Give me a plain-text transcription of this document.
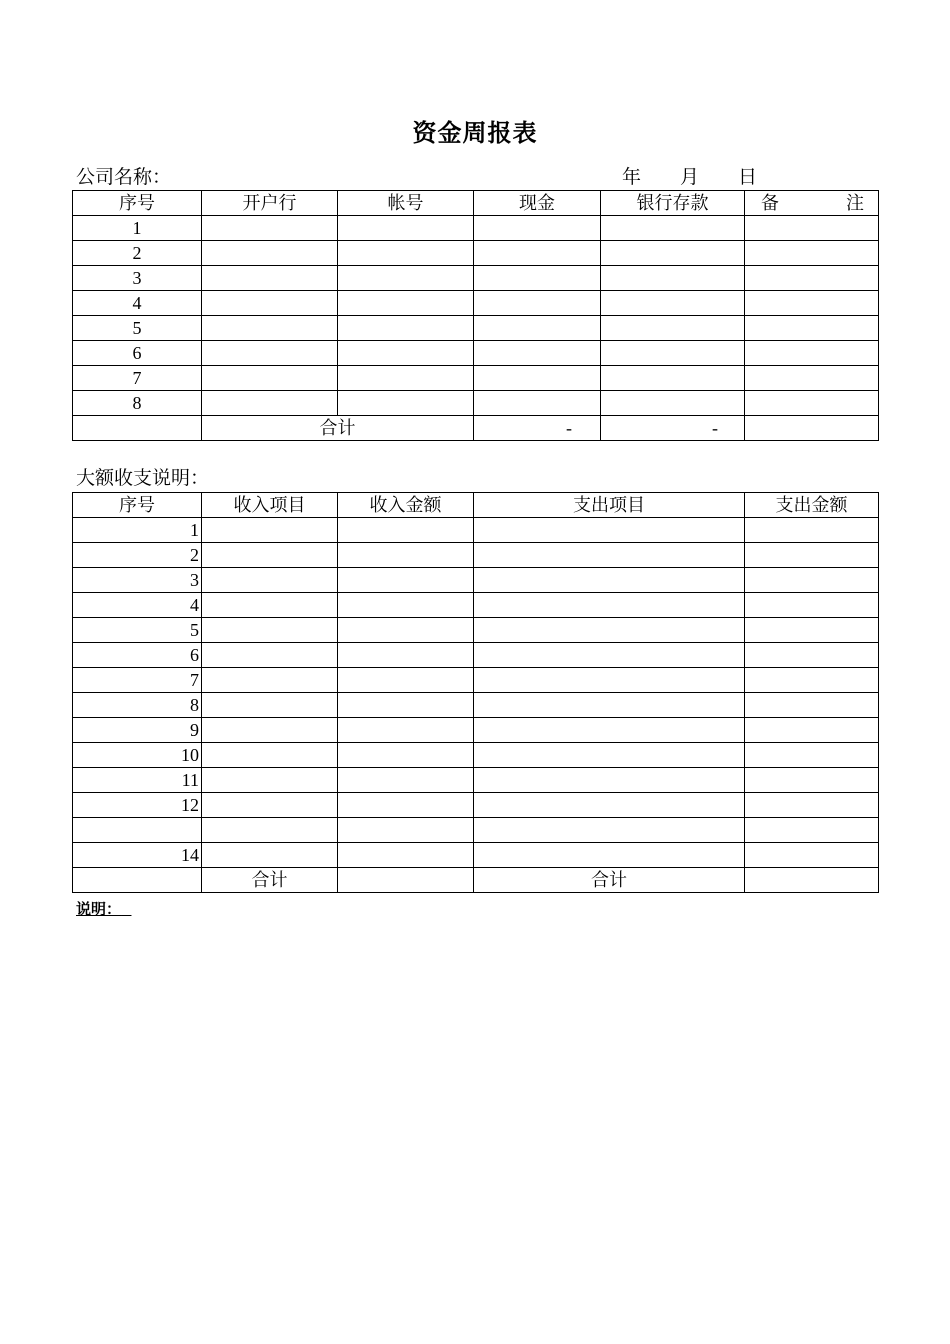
资金周报表
公司名称：	年 月 日
序号	开户行	帐号	现金	银行存款	备 注

1					
2					
3					
4					
5					
6					
7					
8					
	合计		-	-	
大额收支说明：
序号	收入项目	收入金额	支出项目	支出金额
1				
2				
3				
4				
5				
6				
7				
8				
9				
10				
11				
12				

14				
	合计		合计	
说明：
